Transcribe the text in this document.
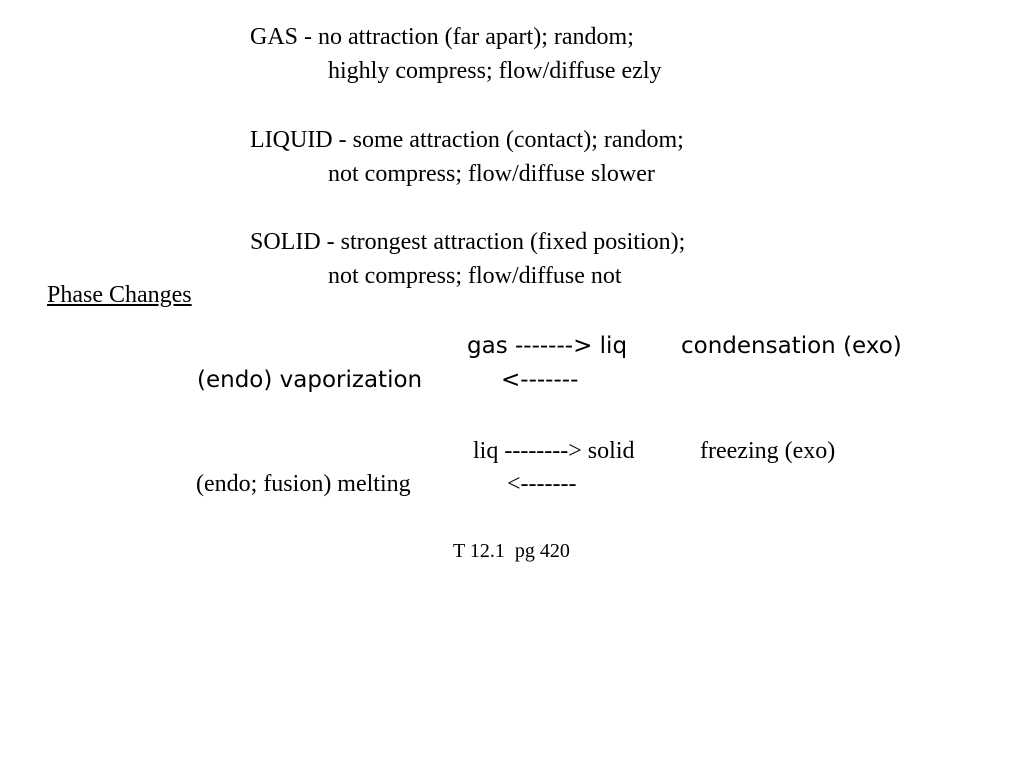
GAS - no attraction (far apart); random;

highly compress; flow/diffuse ezly

LIQUID - some attraction (contact); random;

not compress; flow/diffuse slower

SOLID - strongest attraction (fixed position);

not compress; flow/diffuse not

Phase Changes

gas -------> liq condensation (exo)

(endo) vaporization	<-------

liq --------> solid	freezing (exo)

(endo; fusion) melting	<-------

T 12.1  pg 420
